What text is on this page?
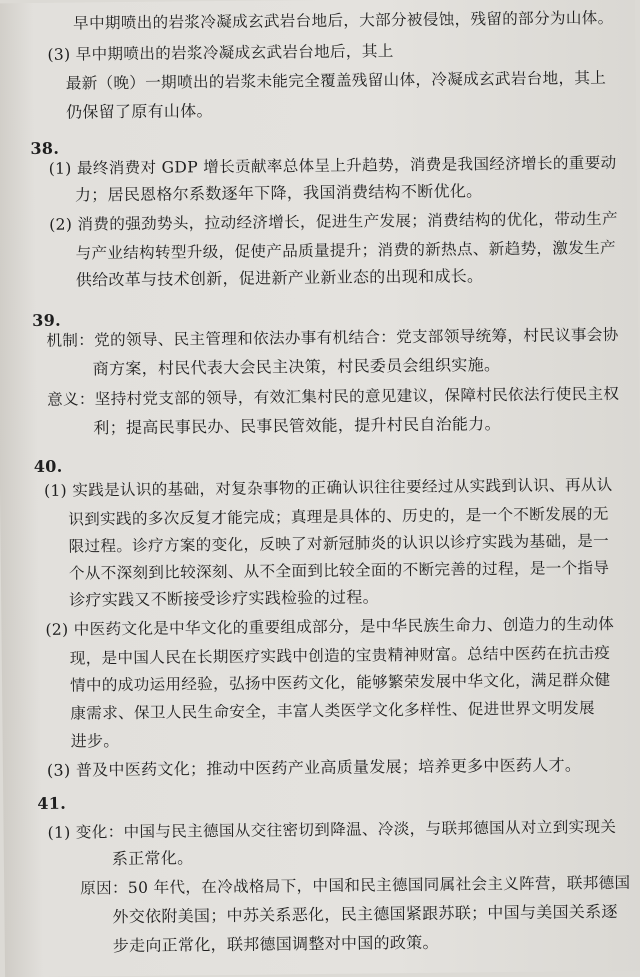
早中期喷出的岩浆冷凝成玄武岩台地后，大部分被侵蚀，残留的部分为山体。
(3) 早中期喷出的岩浆冷凝成玄武岩台地后，其上
最新（晚）一期喷出的岩浆未能完全覆盖残留山体，冷凝成玄武岩台地，其上
仍保留了原有山体。
38.
(1) 最终消费对 GDP 增长贡献率总体呈上升趋势，消费是我国经济增长的重要动
力；居民恩格尔系数逐年下降，我国消费结构不断优化。
(2) 消费的强劲势头，拉动经济增长，促进生产发展；消费结构的优化，带动生产
与产业结构转型升级，促使产品质量提升；消费的新热点、新趋势，激发生产
供给改革与技术创新，促进新产业新业态的出现和成长。
39.
机制：党的领导、民主管理和依法办事有机结合：党支部领导统筹，村民议事会协
商方案，村民代表大会民主决策，村民委员会组织实施。
意义：坚持村党支部的领导，有效汇集村民的意见建议，保障村民依法行使民主权
利；提高民事民办、民事民管效能，提升村民自治能力。
40.
(1) 实践是认识的基础，对复杂事物的正确认识往往要经过从实践到认识、再从认
识到实践的多次反复才能完成；真理是具体的、历史的，是一个不断发展的无
限过程。诊疗方案的变化，反映了对新冠肺炎的认识以诊疗实践为基础，是一
个从不深刻到比较深刻、从不全面到比较全面的不断完善的过程，是一个指导
诊疗实践又不断接受诊疗实践检验的过程。
(2) 中医药文化是中华文化的重要组成部分，是中华民族生命力、创造力的生动体
现，是中国人民在长期医疗实践中创造的宝贵精神财富。总结中医药在抗击疫
情中的成功运用经验，弘扬中医药文化，能够繁荣发展中华文化，满足群众健
康需求、保卫人民生命安全，丰富人类医学文化多样性、促进世界文明发展
进步。
(3) 普及中医药文化；推动中医药产业高质量发展；培养更多中医药人才。
41.
(1) 变化：中国与民主德国从交往密切到降温、冷淡，与联邦德国从对立到实现关
系正常化。
原因：50 年代，在冷战格局下，中国和民主德国同属社会主义阵营，联邦德国
外交依附美国；中苏关系恶化，民主德国紧跟苏联；中国与美国关系逐
步走向正常化，联邦德国调整对中国的政策。
